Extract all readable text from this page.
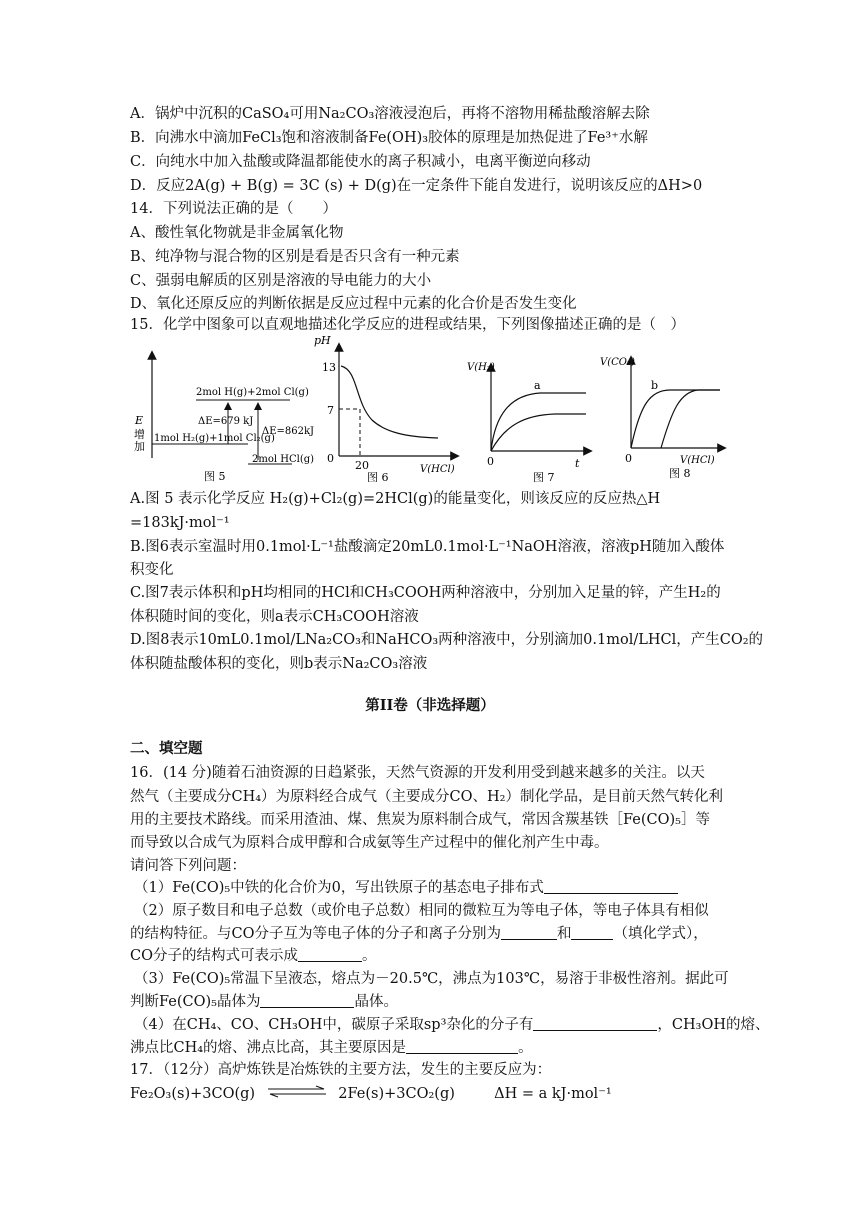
A．锅炉中沉积的CaSO₄可用Na₂CO₃溶液浸泡后，再将不溶物用稀盐酸溶解去除
B．向沸水中滴加FeCl₃饱和溶液制备Fe(OH)₃胶体的原理是加热促进了Fe³⁺水解
C．向纯水中加入盐酸或降温都能使水的离子积减小，电离平衡逆向移动
D．反应2A(g) + B(g) = 3C (s) + D(g)在一定条件下能自发进行，说明该反应的ΔH>0
14．下列说法正确的是（　　）
A、酸性氧化物就是非金属氧化物
B、纯净物与混合物的区别是看是否只含有一种元素
C、强弱电解质的区别是溶液的导电能力的大小
D、氧化还原反应的判断依据是反应过程中元素的化合价是否发生变化
15．化学中图象可以直观地描述化学反应的进程或结果，下列图像描述正确的是（　）
E
增
加
2mol H(g)+2mol Cl(g)
1mol H₂(g)+1mol Cl₂(g)
2mol HCl(g)
ΔE=679 kJ
ΔE=862kJ
图 5
pH
13
7
0
20	V(HCl)
图 6
V(H₂)
0	t
a
图 7
V(CO₂)
0	V(HCl)
b
图 8
A.图 5 表示化学反应 H₂(g)+Cl₂(g)=2HCl(g)的能量变化，则该反应的反应热△H
=183kJ·mol⁻¹
B.图6表示室温时用0.1mol·L⁻¹盐酸滴定20mL0.1mol·L⁻¹NaOH溶液，溶液pH随加入酸体
积变化
C.图7表示体积和pH均相同的HCl和CH₃COOH两种溶液中，分别加入足量的锌，产生H₂的
体积随时间的变化，则a表示CH₃COOH溶液
D.图8表示10mL0.1mol/LNa₂CO₃和NaHCO₃两种溶液中，分别滴加0.1mol/LHCl，产生CO₂的
体积随盐酸体积的变化，则b表示Na₂CO₃溶液
第II卷（非选择题）
二、填空题
16．(14 分)随着石油资源的日趋紧张，天然气资源的开发利用受到越来越多的关注。以天
然气（主要成分CH₄）为原料经合成气（主要成分CO、H₂）制化学品，是目前天然气转化利
用的主要技术路线。而采用渣油、煤、焦炭为原料制合成气，常因含羰基铁［Fe(CO)₅］等
而导致以合成气为原料合成甲醇和合成氨等生产过程中的催化剂产生中毒。
请问答下列问题：
（1）Fe(CO)₅中铁的化合价为0，写出铁原子的基态电子排布式
（2）原子数目和电子总数（或价电子总数）相同的微粒互为等电子体，等电子体具有相似
的结构特征。与CO分子互为等电子体的分子和离子分别为	和	（填化学式），
CO分子的结构式可表示成	。
（3）Fe(CO)₅常温下呈液态，熔点为－20.5℃，沸点为103℃，易溶于非极性溶剂。据此可
判断Fe(CO)₅晶体为	晶体。
（4）在CH₄、CO、CH₃OH中，碳原子采取sp³杂化的分子有	，CH₃OH的熔、
沸点比CH₄的熔、沸点比高，其主要原因是	。
17．（12分）高炉炼铁是冶炼铁的主要方法，发生的主要反应为：
Fe₂O₃(s)+3CO(g)	2Fe(s)+3CO₂(g)	ΔH = a kJ·mol⁻¹
